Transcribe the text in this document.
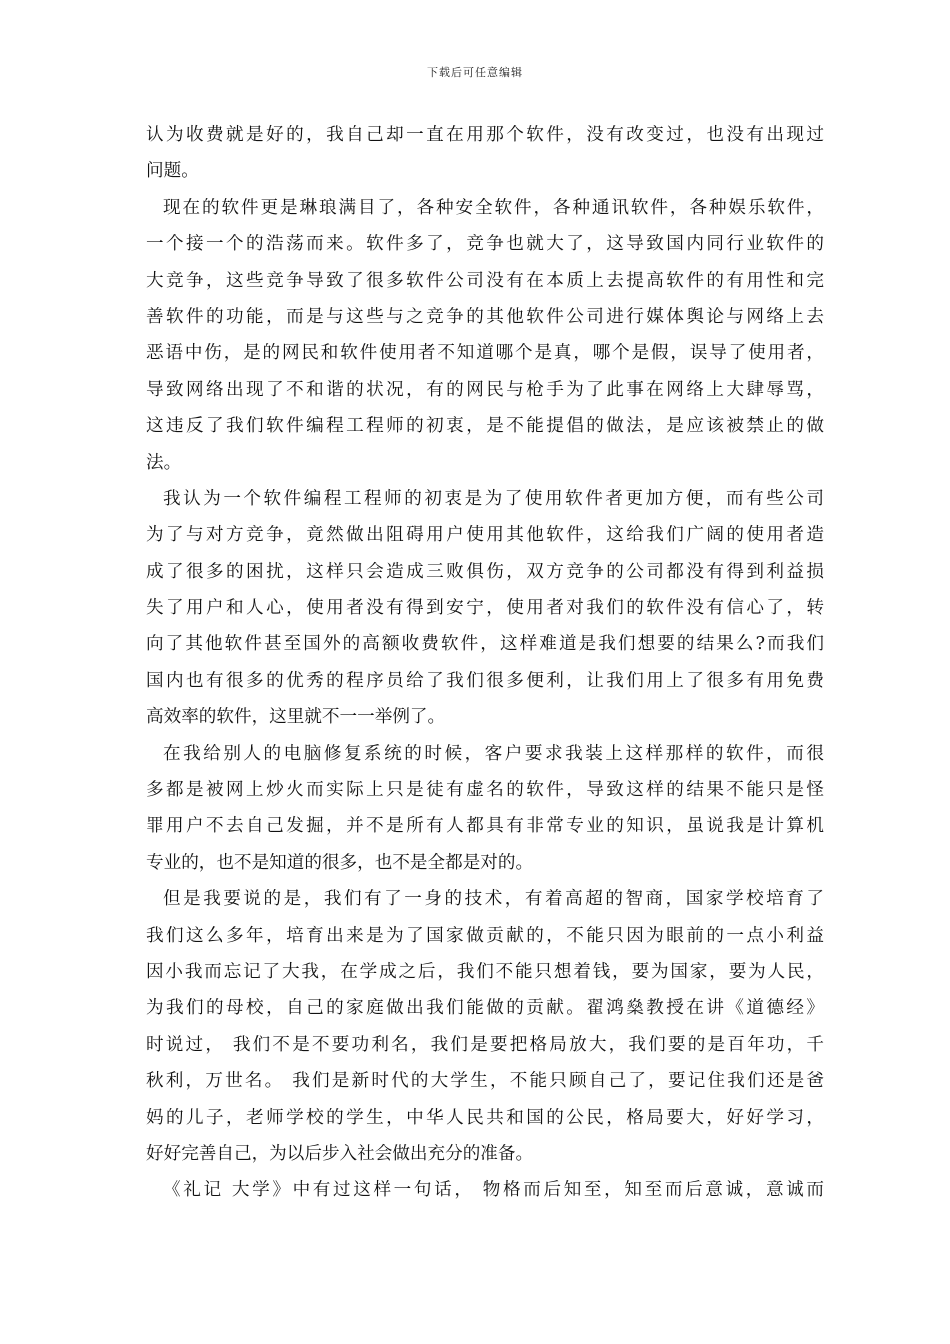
下载后可任意编辑
认为收费就是好的，我自己却一直在用那个软件，没有改变过，也没有出现过
问题。
现在的软件更是琳琅满目了，各种安全软件，各种通讯软件，各种娱乐软件，
一个接一个的浩荡而来。软件多了，竞争也就大了，这导致国内同行业软件的
大竞争，这些竞争导致了很多软件公司没有在本质上去提高软件的有用性和完
善软件的功能，而是与这些与之竞争的其他软件公司进行媒体舆论与网络上去
恶语中伤，是的网民和软件使用者不知道哪个是真，哪个是假，误导了使用者，
导致网络出现了不和谐的状况，有的网民与枪手为了此事在网络上大肆辱骂，
这违反了我们软件编程工程师的初衷，是不能提倡的做法，是应该被禁止的做
法。
我认为一个软件编程工程师的初衷是为了使用软件者更加方便，而有些公司
为了与对方竞争，竟然做出阻碍用户使用其他软件，这给我们广阔的使用者造
成了很多的困扰，这样只会造成三败俱伤，双方竞争的公司都没有得到利益损
失了用户和人心，使用者没有得到安宁，使用者对我们的软件没有信心了，转
向了其他软件甚至国外的高额收费软件，这样难道是我们想要的结果么?而我们
国内也有很多的优秀的程序员给了我们很多便利，让我们用上了很多有用免费
高效率的软件，这里就不一一举例了。
在我给别人的电脑修复系统的时候，客户要求我装上这样那样的软件，而很
多都是被网上炒火而实际上只是徒有虚名的软件，导致这样的结果不能只是怪
罪用户不去自己发掘，并不是所有人都具有非常专业的知识，虽说我是计算机
专业的，也不是知道的很多，也不是全都是对的。
但是我要说的是，我们有了一身的技术，有着高超的智商，国家学校培育了
我们这么多年，培育出来是为了国家做贡献的，不能只因为眼前的一点小利益
因小我而忘记了大我，在学成之后，我们不能只想着钱，要为国家，要为人民，
为我们的母校，自己的家庭做出我们能做的贡献。翟鸿燊教授在讲《道德经》
时说过， 我们不是不要功利名，我们是要把格局放大，我们要的是百年功，千
秋利，万世名。 我们是新时代的大学生，不能只顾自己了，要记住我们还是爸
妈的儿子，老师学校的学生，中华人民共和国的公民，格局要大，好好学习，
好好完善自己，为以后步入社会做出充分的准备。
《礼记 大学》中有过这样一句话， 物格而后知至，知至而后意诚，意诚而
